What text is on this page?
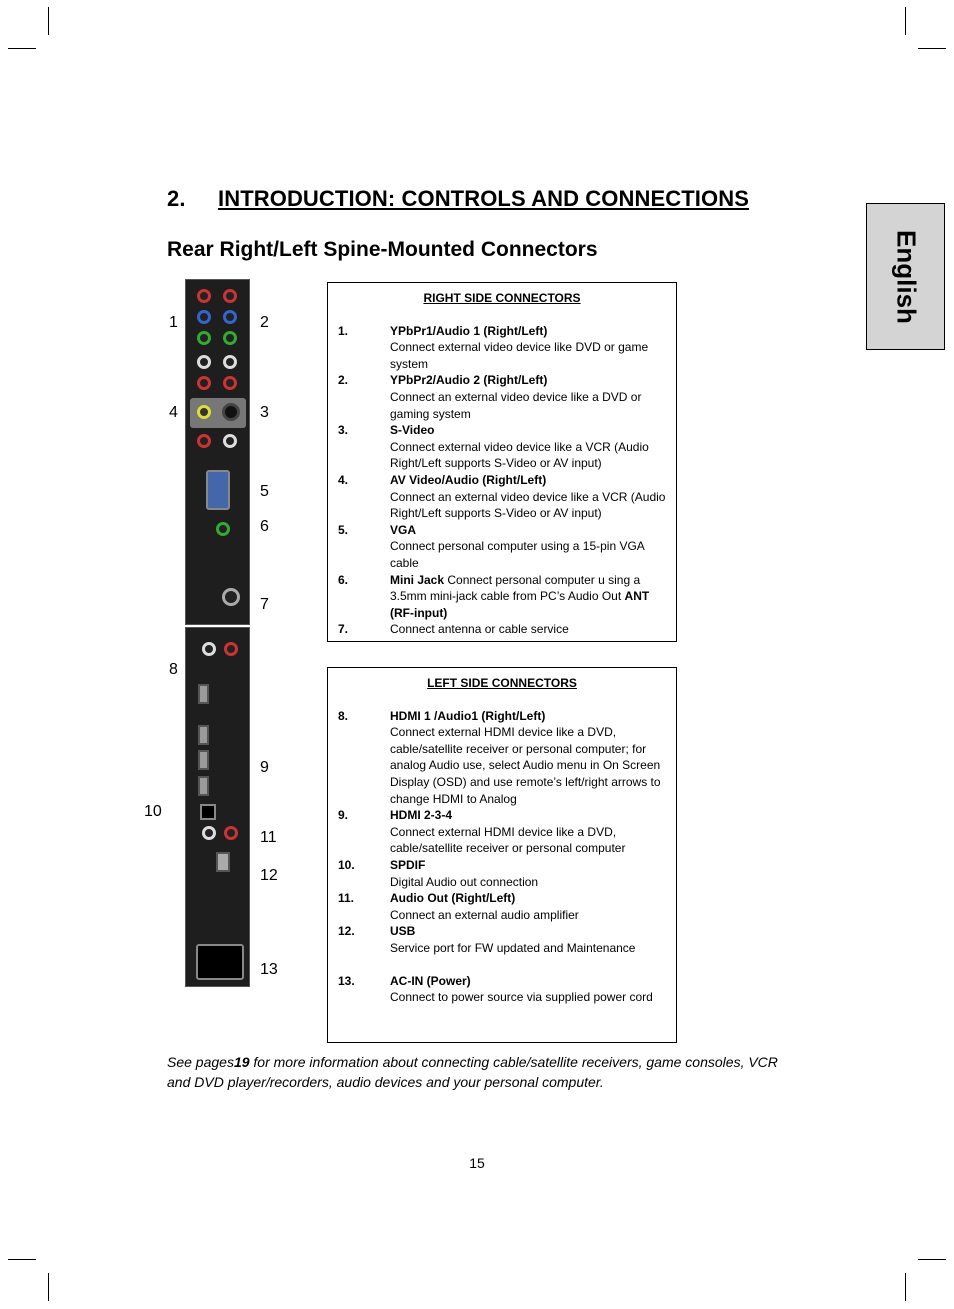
2. INTRODUCTION: CONTROLS AND CONNECTIONS
Rear Right/Left Spine-Mounted Connectors	English
1	2
4	3
5
6
7
8
9
10
11
12
13
RIGHT SIDE CONNECTORS
1.	YPbPr1/Audio 1 (Right/Left)
Connect external video device like DVD or game system
2.	YPbPr2/Audio 2 (Right/Left)
Connect an external video device like a DVD or gaming system
3.	S-Video
Connect external video device like a VCR (Audio Right/Left supports S-Video or AV input)
4.	AV Video/Audio (Right/Left)
Connect an external video device like a VCR (Audio Right/Left supports S-Video or AV input)
5.	VGA
Connect personal computer using a 15-pin VGA cable
6.	Mini Jack Connect personal computer u sing a 3.5mm mini-jack cable from PC’s Audio Out ANT (RF-input)
7.	Connect antenna or cable service
LEFT SIDE CONNECTORS
8.	HDMI 1 /Audio1 (Right/Left)
Connect external HDMI device like a DVD, cable/satellite receiver or personal computer; for analog Audio use, select Audio menu in On Screen Display (OSD) and use remote’s left/right arrows to change HDMI to Analog
9.	HDMI 2-3-4
Connect external HDMI device like a DVD, cable/satellite receiver or personal computer
10.	SPDIF
Digital Audio out connection
11.	Audio Out (Right/Left)
Connect an external audio amplifier
12.	USB
Service port for FW updated and Maintenance
13.	AC-IN (Power)
Connect to power source via supplied power cord
See pages19 for more information about connecting cable/satellite receivers, game consoles, VCR and DVD player/recorders, audio devices and your personal computer.
15
